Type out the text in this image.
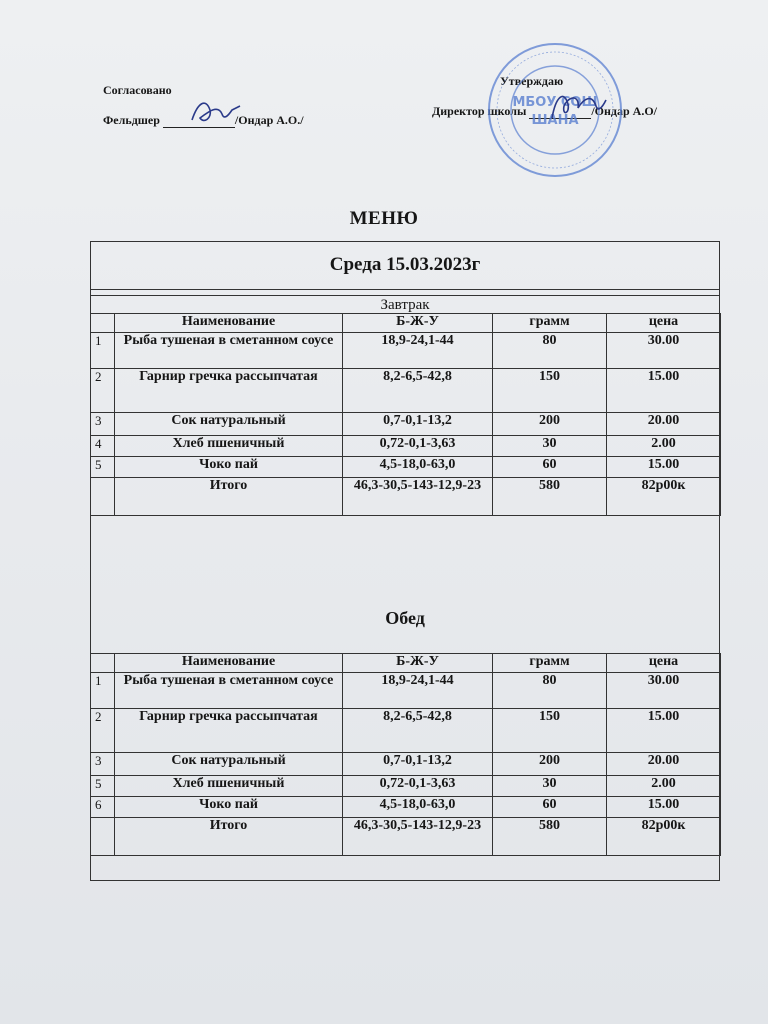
Согласовано
Фельдшер	/Ондар А.О./
Утверждаю
Директор школы	/Ондар А.О/
МБОУ СОШ
ШАНА
МЕНЮ
Среда 15.03.2023г
Завтрак
	Наименование	Б-Ж-У	грамм	цена
1	Рыба тушеная в сметанном соусе	18,9-24,1-44	80	30.00
2	Гарнир гречка рассыпчатая	8,2-6,5-42,8	150	15.00
3	Сок натуральный	0,7-0,1-13,2	200	20.00
4	Хлеб пшеничный	0,72-0,1-3,63	30	2.00
5	Чоко пай	4,5-18,0-63,0	60	15.00
	Итого	46,3-30,5-143-12,9-23	580	82р00к
Обед
	Наименование	Б-Ж-У	грамм	цена
1	Рыба тушеная в сметанном соусе	18,9-24,1-44	80	30.00
2	Гарнир гречка рассыпчатая	8,2-6,5-42,8	150	15.00
3	Сок натуральный	0,7-0,1-13,2	200	20.00
5	Хлеб пшеничный	0,72-0,1-3,63	30	2.00
6	Чоко пай	4,5-18,0-63,0	60	15.00
	Итого	46,3-30,5-143-12,9-23	580	82р00к
